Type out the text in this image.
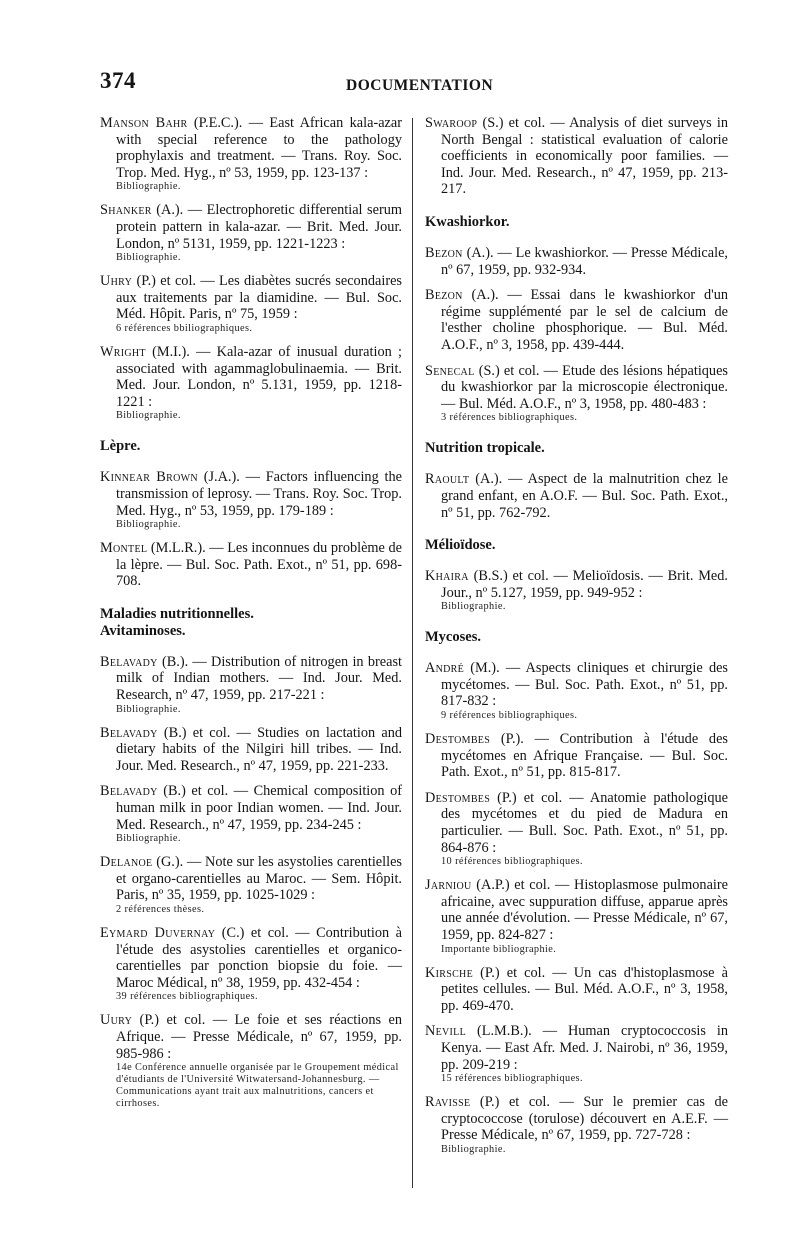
374	DOCUMENTATION
Manson Bahr (P.E.C.). — East African kala-azar with special reference to the pathology prophylaxis and treatment. — Trans. Roy. Soc. Trop. Med. Hyg., nº 53, 1959, pp. 123-137 :
Bibliographie.
Shanker (A.). — Electrophoretic differential serum protein pattern in kala-azar. — Brit. Med. Jour. London, nº 5131, 1959, pp. 1221-1223 :
Bibliographie.
Uhry (P.) et col. — Les diabètes sucrés secondaires aux traitements par la diamidine. — Bul. Soc. Méd. Hôpit. Paris, nº 75, 1959 :
6 références bbiliographiques.
Wright (M.I.). — Kala-azar of inusual duration ; associated with agammaglobulinaemia. — Brit. Med. Jour. London, nº 5.131, 1959, pp. 1218-1221 :
Bibliographie.
Lèpre.
Kinnear Brown (J.A.). — Factors influencing the transmission of leprosy. — Trans. Roy. Soc. Trop. Med. Hyg., nº 53, 1959, pp. 179-189 :
Bibliographie.
Montel (M.L.R.). — Les inconnues du problème de la lèpre. — Bul. Soc. Path. Exot., nº 51, pp. 698-708.
Maladies nutritionnelles.
Avitaminoses.
Belavady (B.). — Distribution of nitrogen in breast milk of Indian mothers. — Ind. Jour. Med. Research, nº 47, 1959, pp. 217-221 :
Bibliographie.
Belavady (B.) et col. — Studies on lactation and dietary habits of the Nilgiri hill tribes. — Ind. Jour. Med. Research., nº 47, 1959, pp. 221-233.
Belavady (B.) et col. — Chemical composition of human milk in poor Indian women. — Ind. Jour. Med. Research., nº 47, 1959, pp. 234-245 :
Bibliographie.
Delanoe (G.). — Note sur les asystolies carentielles et organo-carentielles au Maroc. — Sem. Hôpit. Paris, nº 35, 1959, pp. 1025-1029 :
2 références thèses.
Eymard Duvernay (C.) et col. — Contribution à l'étude des asystolies carentielles et organico-carentielles par ponction biopsie du foie. — Maroc Médical, nº 38, 1959, pp. 432-454 :
39 références bibliographiques.
Uury (P.) et col. — Le foie et ses réactions en Afrique. — Presse Médicale, nº 67, 1959, pp. 985-986 :
14e Conférence annuelle organisée par le Groupement médical d'étudiants de l'Université Witwatersand-Johannesburg. — Communications ayant trait aux malnutritions, cancers et cirrhoses.
Swaroop (S.) et col. — Analysis of diet surveys in North Bengal : statistical evaluation of calorie coefficients in economically poor families. — Ind. Jour. Med. Research., nº 47, 1959, pp. 213-217.
Kwashiorkor.
Bezon (A.). — Le kwashiorkor. — Presse Médicale, nº 67, 1959, pp. 932-934.
Bezon (A.). — Essai dans le kwashiorkor d'un régime supplémenté par le sel de calcium de l'esther choline phosphorique. — Bul. Méd. A.O.F., nº 3, 1958, pp. 439-444.
Senecal (S.) et col. — Etude des lésions hépatiques du kwashiorkor par la microscopie électronique. — Bul. Méd. A.O.F., nº 3, 1958, pp. 480-483 :
3 références bibliographiques.
Nutrition tropicale.
Raoult (A.). — Aspect de la malnutrition chez le grand enfant, en A.O.F. — Bul. Soc. Path. Exot., nº 51, pp. 762-792.
Mélioïdose.
Khaira (B.S.) et col. — Melioïdosis. — Brit. Med. Jour., nº 5.127, 1959, pp. 949-952 :
Bibliographie.
Mycoses.
André (M.). — Aspects cliniques et chirurgie des mycétomes. — Bul. Soc. Path. Exot., nº 51, pp. 817-832 :
9 références bibliographiques.
Destombes (P.). — Contribution à l'étude des mycétomes en Afrique Française. — Bul. Soc. Path. Exot., nº 51, pp. 815-817.
Destombes (P.) et col. — Anatomie pathologique des mycétomes et du pied de Madura en particulier. — Bull. Soc. Path. Exot., nº 51, pp. 864-876 :
10 références bibliographiques.
Jarniou (A.P.) et col. — Histoplasmose pulmonaire africaine, avec suppuration diffuse, apparue après une année d'évolution. — Presse Médicale, nº 67, 1959, pp. 824-827 :
Importante bibliographie.
Kirsche (P.) et col. — Un cas d'histoplasmose à petites cellules. — Bul. Méd. A.O.F., nº 3, 1958, pp. 469-470.
Nevill (L.M.B.). — Human cryptococcosis in Kenya. — East Afr. Med. J. Nairobi, nº 36, 1959, pp. 209-219 :
15 références bibliographiques.
Ravisse (P.) et col. — Sur le premier cas de cryptococcose (torulose) découvert en A.E.F. — Presse Médicale, nº 67, 1959, pp. 727-728 :
Bibliographie.
